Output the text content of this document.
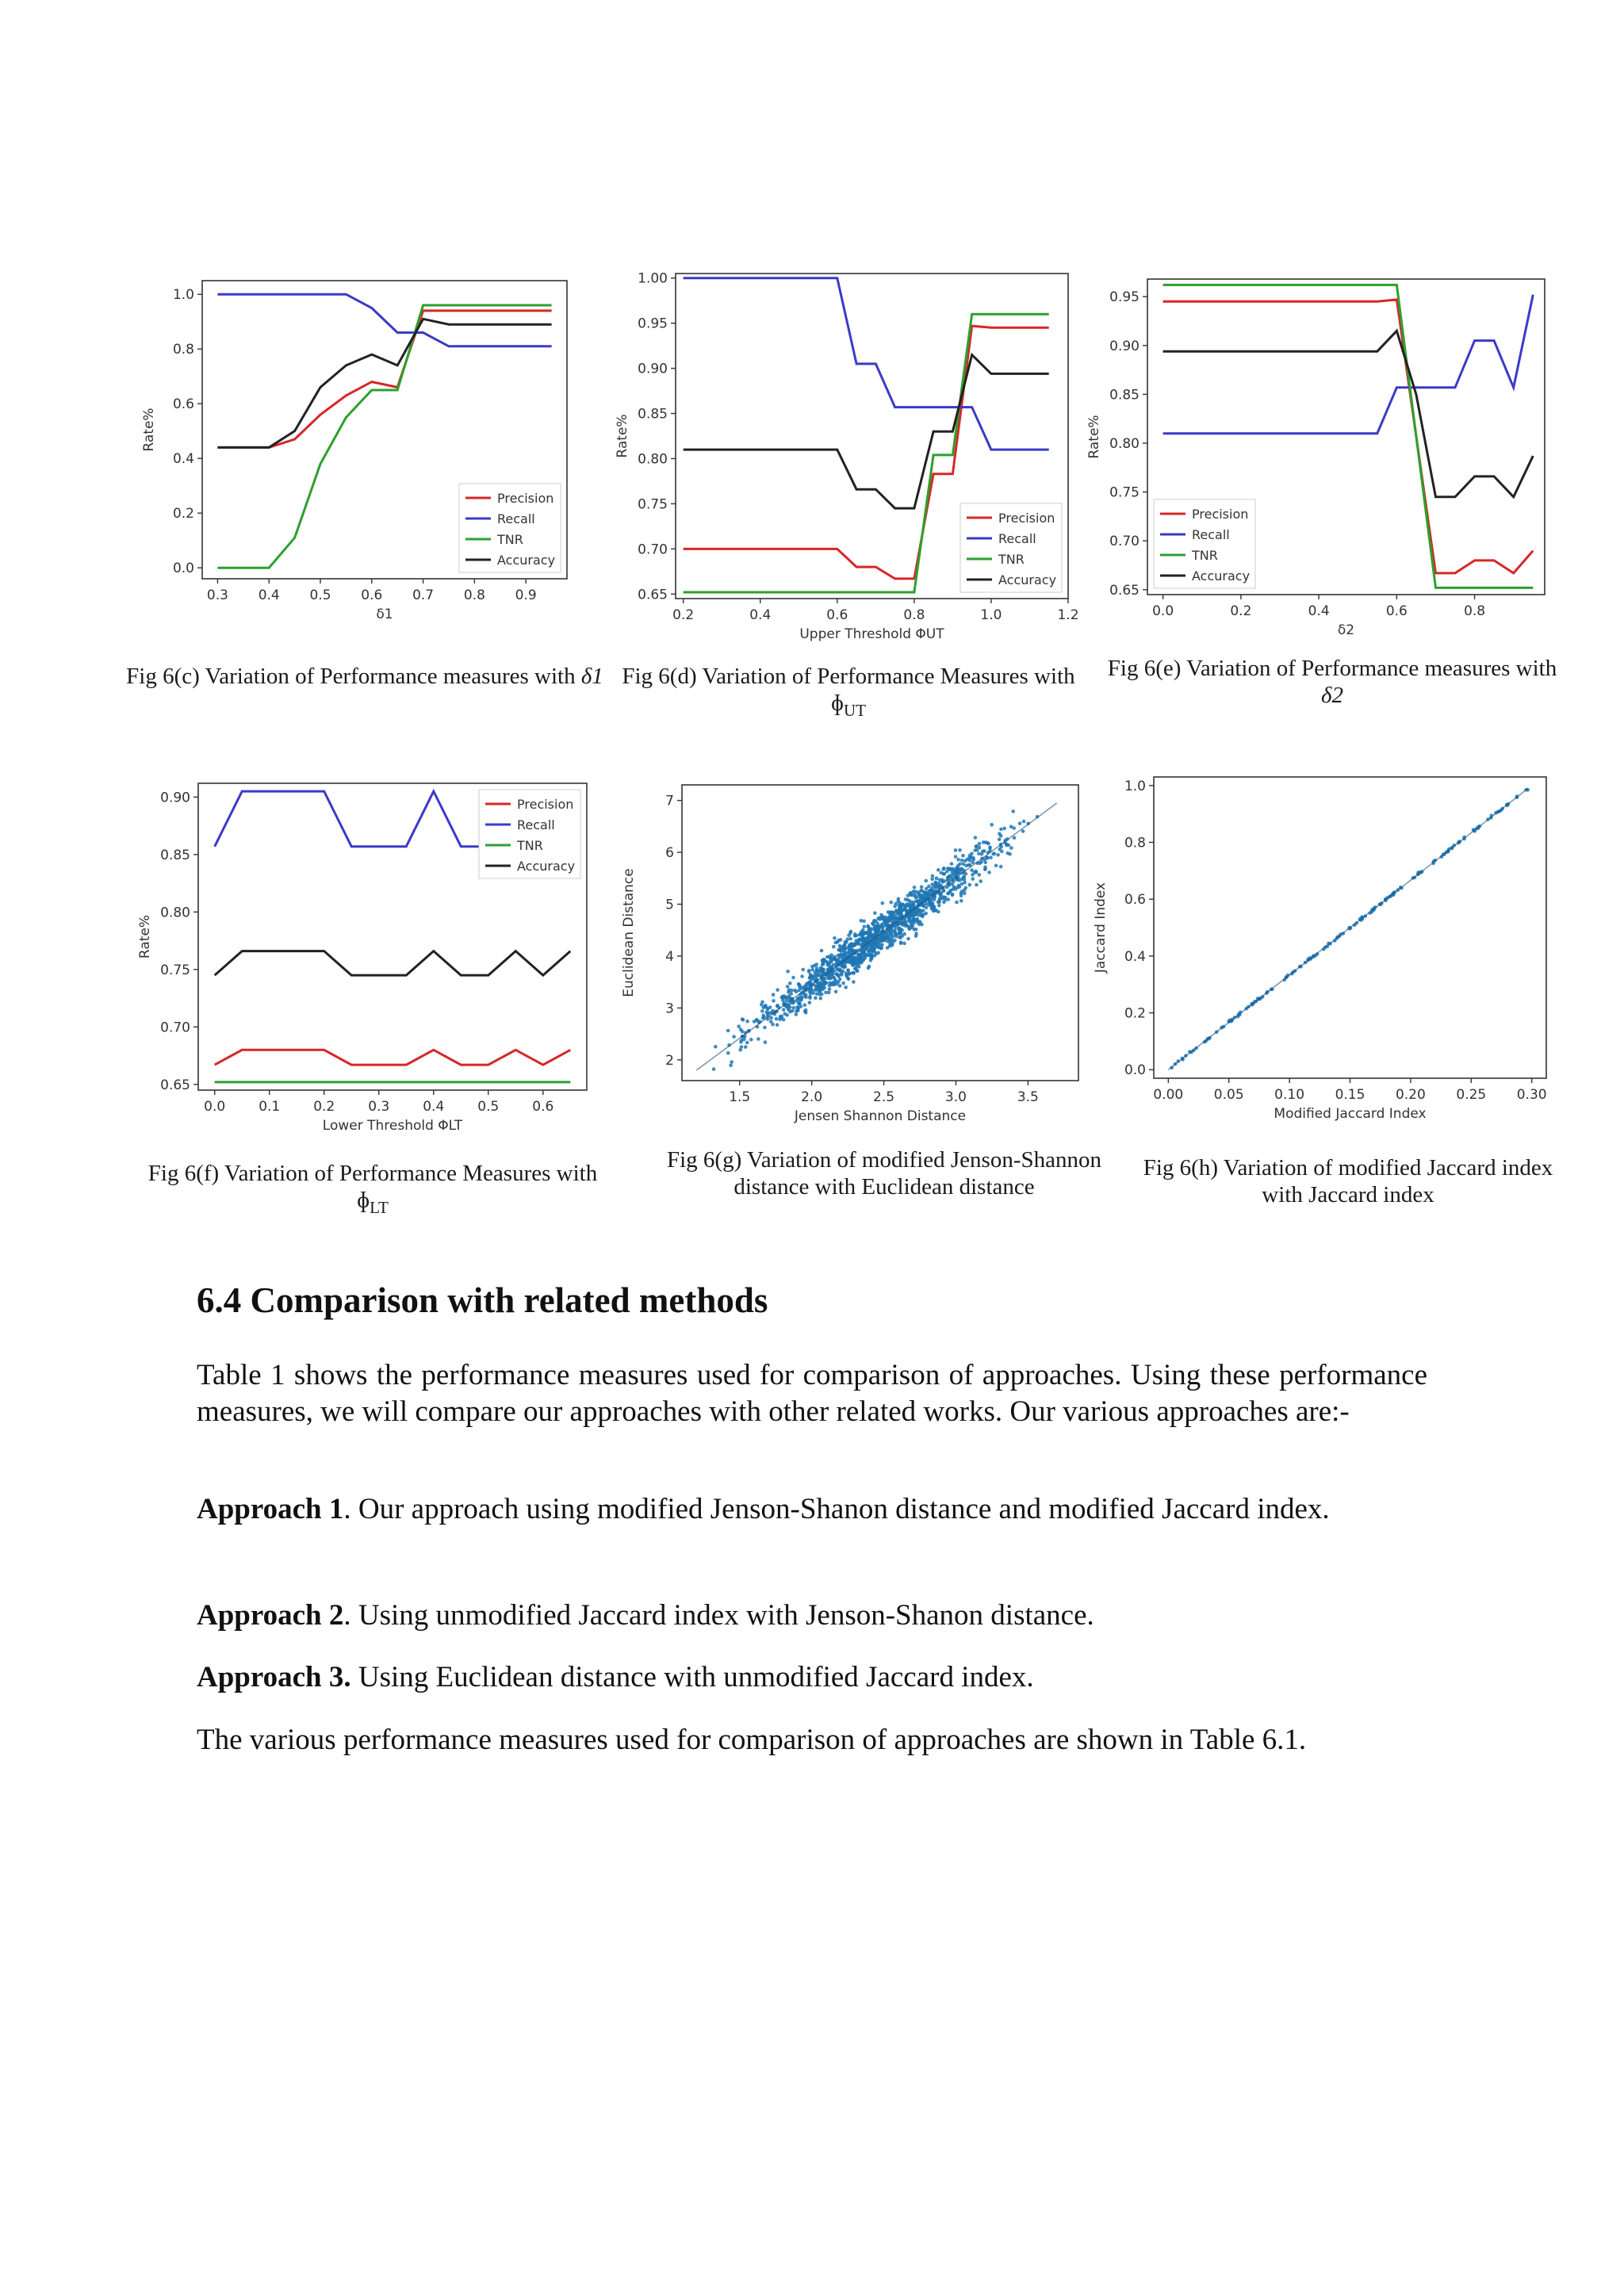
0.3 0.4 0.5 0.6 0.7 0.8 0.9
0.0
0.2
0.4
0.6
0.8
1.0
δ1
Rate%
Precision
Recall
TNR
Accuracy
Fig 6(c) Variation of Performance measures with δ1
0.2	0.4	0.6	0.8	1.0	1.2
0.65
0.70
0.75
0.80
0.85
0.90
0.95
1.00
Upper Threshold ΦUT
Rate%
Precision
Recall
TNR
Accuracy
Fig 6(d) Variation of Performance Measures with ɸ$_{UT}$
0.0	0.2	0.4	0.6	0.8
0.65
0.70
0.75
0.80
0.85
0.90
0.95
δ2
Rate%
Precision
Recall
TNR
Accuracy
Fig 6(e) Variation of Performance measures with δ2
0.0 0.1 0.2 0.3 0.4 0.5 0.6
0.65
0.70
0.75
0.80
0.85
0.90
Lower Threshold ΦLT
Rate%
Precision
Recall
TNR
Accuracy
Fig 6(f) Variation of Performance Measures with ɸ$_{LT}$
1.5	2.0	2.5	3.0	3.5
2
3
4
5
6
7
Jensen Shannon Distance
Euclidean Distance
Fig 6(g) Variation of modified Jenson-Shannon
distance with Euclidean distance
0.00 0.05 0.10 0.15 0.20 0.25 0.30
0.0
0.2
0.4
0.6
0.8
1.0
Modified Jaccard Index
Jaccard Index
Fig 6(h) Variation of modified Jaccard index
with Jaccard index
6.4 Comparison with related methods

Table 1 shows the performance measures used for comparison of approaches. Using these performance measures, we will compare our approaches with other related works. Our various approaches are:-

Approach 1. Our approach using modified Jenson-Shanon distance and modified Jaccard index.

Approach 2. Using unmodified Jaccard index with Jenson-Shanon distance.

Approach 3. Using Euclidean distance with unmodified Jaccard index.

The various performance measures used for comparison of approaches are shown in Table 6.1.
